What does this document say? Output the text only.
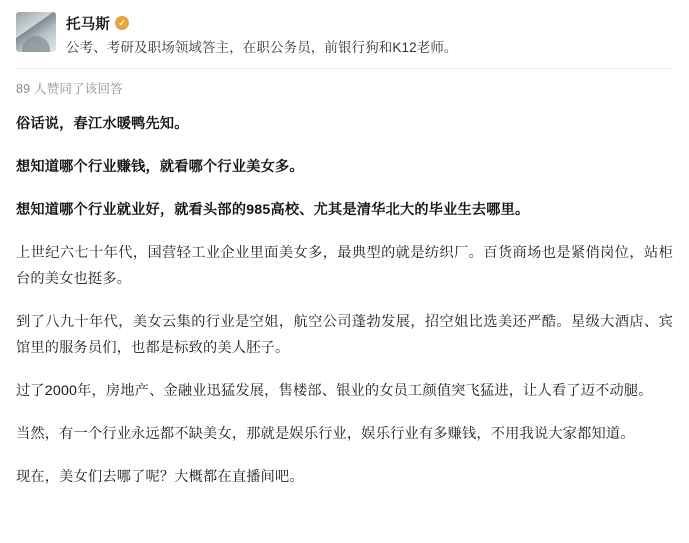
托马斯 ✓
公考、考研及职场领域答主，在职公务员，前银行狗和K12老师。
89 人赞同了该回答

俗话说，春江水暖鸭先知。

想知道哪个行业赚钱，就看哪个行业美女多。

想知道哪个行业就业好，就看头部的985高校、尤其是清华北大的毕业生去哪里。

上世纪六七十年代，国营轻工业企业里面美女多，最典型的就是纺织厂。百货商场也是紧俏岗位，站柜台的美女也挺多。

到了八九十年代，美女云集的行业是空姐，航空公司蓬勃发展，招空姐比选美还严酷。星级大酒店、宾馆里的服务员们，也都是标致的美人胚子。

过了2000年，房地产、金融业迅猛发展，售楼部、银业的女员工颜值突飞猛进，让人看了迈不动腿。

当然，有一个行业永远都不缺美女，那就是娱乐行业，娱乐行业有多赚钱，不用我说大家都知道。

现在，美女们去哪了呢？大概都在直播间吧。
